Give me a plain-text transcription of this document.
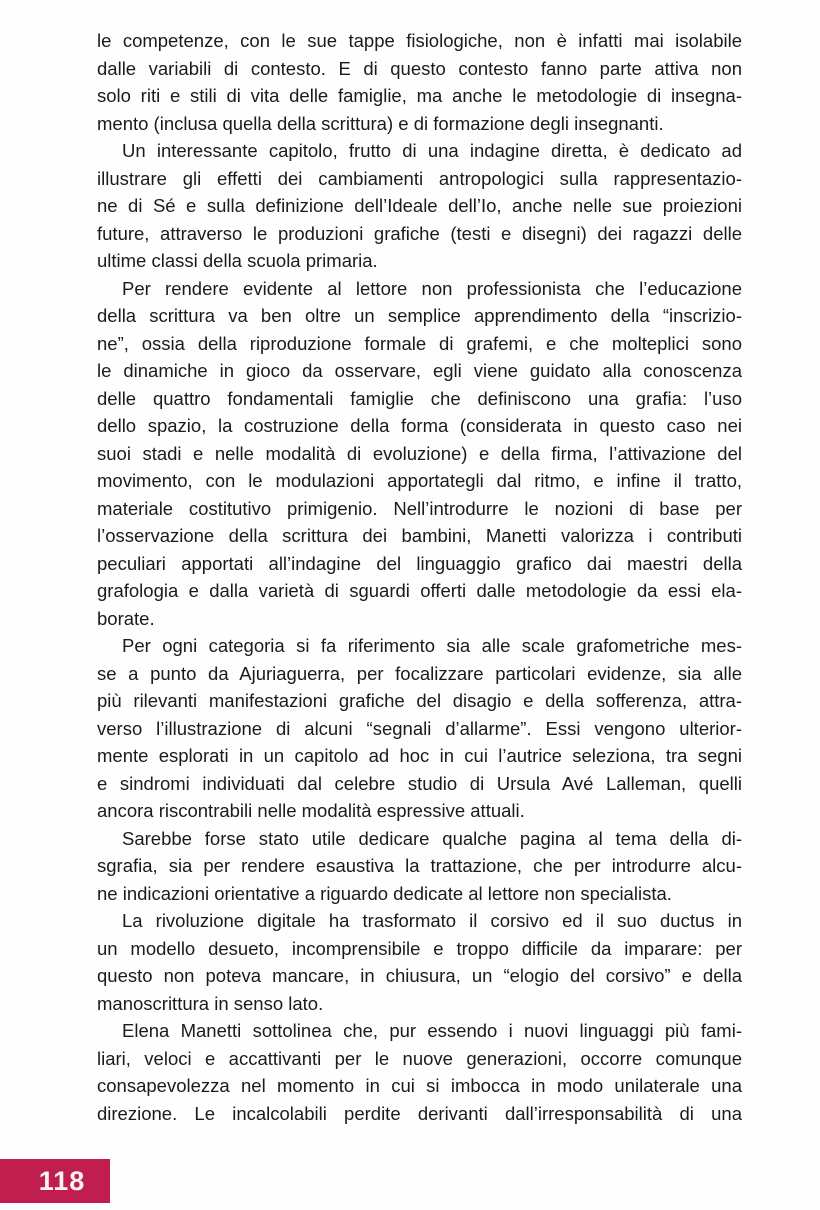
le competenze, con le sue tappe fisiologiche, non è infatti mai isolabile
dalle variabili di contesto. E di questo contesto fanno parte attiva non
solo riti e stili di vita delle famiglie, ma anche le metodologie di insegna-
mento (inclusa quella della scrittura) e di formazione degli insegnanti.
Un interessante capitolo, frutto di una indagine diretta, è dedicato ad
illustrare gli effetti dei cambiamenti antropologici sulla rappresentazio-
ne di Sé e sulla definizione dell’Ideale dell’Io, anche nelle sue proiezioni
future, attraverso le produzioni grafiche (testi e disegni) dei ragazzi delle
ultime classi della scuola primaria.
Per rendere evidente al lettore non professionista che l’educazione
della scrittura va ben oltre un semplice apprendimento della “inscrizio-
ne”, ossia della riproduzione formale di grafemi, e che molteplici sono
le dinamiche in gioco da osservare, egli viene guidato alla conoscenza
delle quattro fondamentali famiglie che definiscono una grafia: l’uso
dello spazio, la costruzione della forma (considerata in questo caso nei
suoi stadi e nelle modalità di evoluzione) e della firma, l’attivazione del
movimento, con le modulazioni apportategli dal ritmo, e infine il tratto,
materiale costitutivo primigenio. Nell’introdurre le nozioni di base per
l’osservazione della scrittura dei bambini, Manetti valorizza i contributi
peculiari apportati all’indagine del linguaggio grafico dai maestri della
grafologia e dalla varietà di sguardi offerti dalle metodologie da essi ela-
borate.
Per ogni categoria si fa riferimento sia alle scale grafometriche mes-
se a punto da Ajuriaguerra, per focalizzare particolari evidenze, sia alle
più rilevanti manifestazioni grafiche del disagio e della sofferenza, attra-
verso l’illustrazione di alcuni “segnali d’allarme”. Essi vengono ulterior-
mente esplorati in un capitolo ad hoc in cui l’autrice seleziona, tra segni
e sindromi individuati dal celebre studio di Ursula Avé Lalleman, quelli
ancora riscontrabili nelle modalità espressive attuali.
Sarebbe forse stato utile dedicare qualche pagina al tema della di-
sgrafia, sia per rendere esaustiva la trattazione, che per introdurre alcu-
ne indicazioni orientative a riguardo dedicate al lettore non specialista.
La rivoluzione digitale ha trasformato il corsivo ed il suo ductus in
un modello desueto, incomprensibile e troppo difficile da imparare: per
questo non poteva mancare, in chiusura, un “elogio del corsivo” e della
manoscrittura in senso lato.
Elena Manetti sottolinea che, pur essendo i nuovi linguaggi più fami-
liari, veloci e accattivanti per le nuove generazioni, occorre comunque
consapevolezza nel momento in cui si imbocca in modo unilaterale una
direzione. Le incalcolabili perdite derivanti dall’irresponsabilità di una
118
